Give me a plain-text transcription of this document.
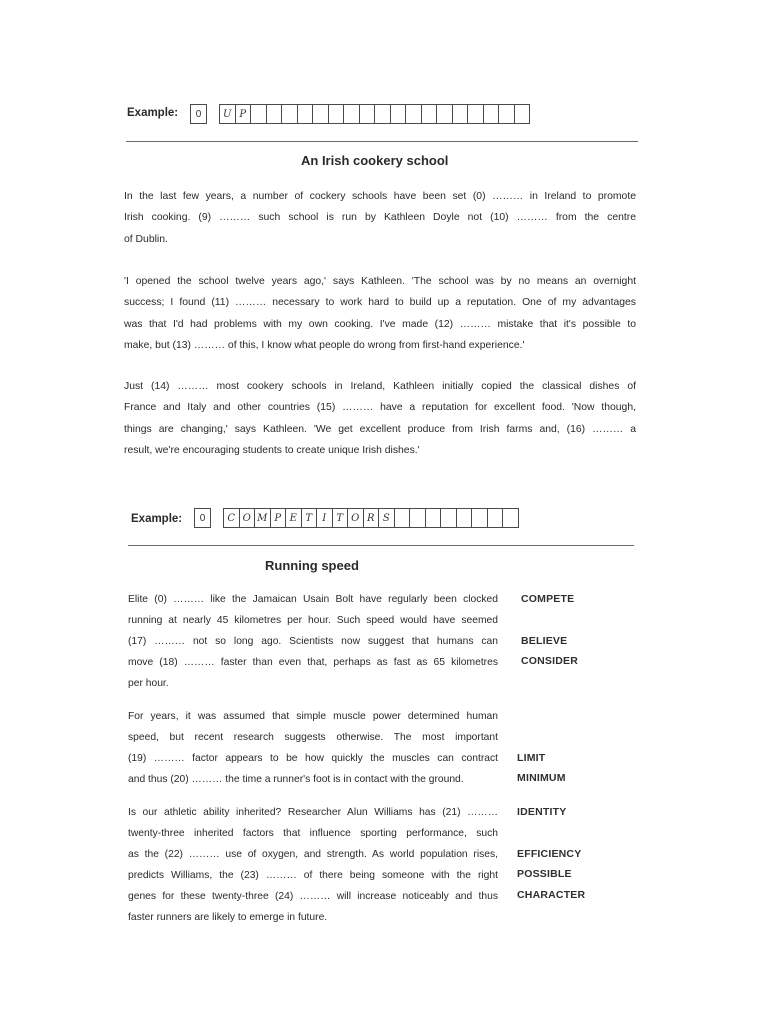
Example:	0	U P
An Irish cookery school
In the last few years, a number of cockery schools have been set (0) ……… in Ireland to promote
Irish cooking. (9) ……… such school is run by Kathleen Doyle not (10) ……… from the centre
of Dublin.
'I opened the school twelve years ago,' says Kathleen. 'The school was by no means an overnight
success; I found (11) ……… necessary to work hard to build up a reputation. One of my advantages
was that I'd had problems with my own cooking. I've made (12) ……… mistake that it's possible to
make, but (13) ……… of this, I know what people do wrong from first-hand experience.'
Just (14) ……… most cookery schools in Ireland, Kathleen initially copied the classical dishes of
France and Italy and other countries (15) ……… have a reputation for excellent food. 'Now though,
things are changing,' says Kathleen. 'We get excellent produce from Irish farms and, (16) ……… a
result, we're encouraging students to create unique Irish dishes.'
Example:	0	C O M P E T	I	T O R S
Running speed
Elite (0) ……… like the Jamaican Usain Bolt have regularly been clocked
running at nearly 45 kilometres per hour. Such speed would have seemed
(17) ……… not so long ago. Scientists now suggest that humans can
move (18) ……… faster than even that, perhaps as fast as 65 kilometres
per hour.
For years, it was assumed that simple muscle power determined human
speed, but recent research suggests otherwise. The most important
(19) ……… factor appears to be how quickly the muscles can contract
and thus (20) ……… the time a runner's foot is in contact with the ground.
Is our athletic ability inherited? Researcher Alun Williams has (21) ………
twenty-three inherited factors that influence sporting performance, such
as the (22) ……… use of oxygen, and strength. As world population rises,
predicts Williams, the (23) ……… of there being someone with the right
genes for these twenty-three (24) ……… will increase noticeably and thus
faster runners are likely to emerge in future.
COMPETE
BELIEVE
CONSIDER
LIMIT
MINIMUM
IDENTITY
EFFICIENCY
POSSIBLE
CHARACTER
